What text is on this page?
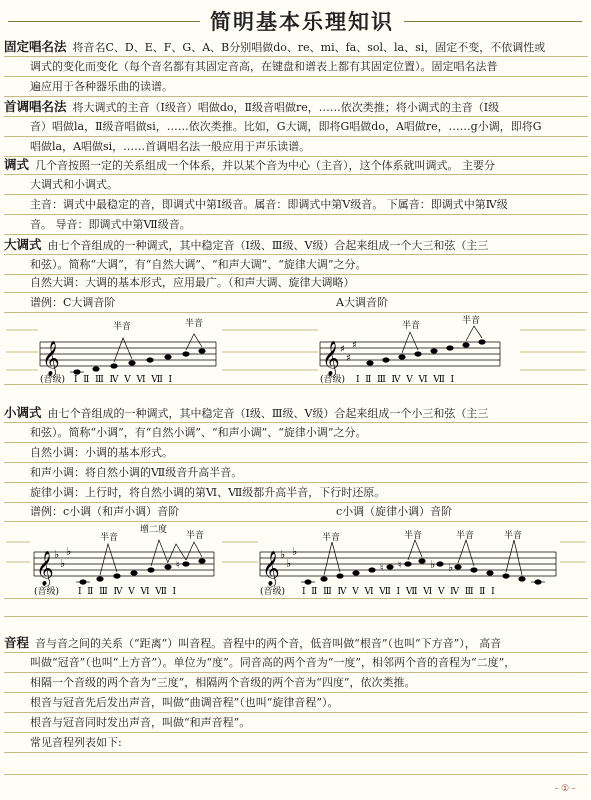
简明基本乐理知识
固定唱名法 将音名C、D、E、F、G、A、B分别唱做do、re、mi、fa、sol、la、si，固定不变，不依调性或
调式的变化而变化（每个音名都有其固定音高，在键盘和谱表上都有其固定位置）。固定唱名法普
遍应用于各种器乐曲的读谱。
首调唱名法 将大调式的主音（Ⅰ级音）唱做do，Ⅱ级音唱做re，……依次类推；将小调式的主音（Ⅰ级
音）唱做la，Ⅱ级音唱做si，……依次类推。比如，G大调，即将G唱做do，A唱做re，……g小调，即将G
唱做la，A唱做si，……首调唱名法一般应用于声乐读谱。
调式 几个音按照一定的关系组成一个体系，并以某个音为中心（主音），这个体系就叫调式。 主要分
大调式和小调式。
主音：调式中最稳定的音，即调式中第Ⅰ级音。属音：即调式中第Ⅴ级音。 下属音：即调式中第Ⅳ级
音。 导音：即调式中第Ⅶ级音。
大调式 由七个音组成的一种调式，其中稳定音（Ⅰ级、Ⅲ级、Ⅴ级）合起来组成一个大三和弦（主三
和弦）。简称“大调”，有“自然大调”、“和声大调”、“旋律大调”之分。
自然大调：大调的基本形式，应用最广。（和声大调、旋律大调略）
谱例：C大调音阶	A大调音阶
𝄞
半音	半音
𝄞 ♯
♯
♯
半音	半音
(音级) Ⅰ  Ⅱ  Ⅲ  Ⅳ  Ⅴ  Ⅵ  Ⅶ  Ⅰ	(音级) Ⅰ  Ⅱ  Ⅲ  Ⅳ  Ⅴ  Ⅵ  Ⅶ  Ⅰ
小调式 由七个音组成的一种调式，其中稳定音（Ⅰ级、Ⅲ级、Ⅴ级）合起来组成一个小三和弦（主三
和弦）。简称“小调”，有“自然小调”、“和声小调”、“旋律小调”之分。
自然小调：小调的基本形式。
和声小调：将自然小调的Ⅶ级音升高半音。
旋律小调：上行时，将自然小调的第Ⅵ、Ⅶ级都升高半音，下行时还原。
谱例：c小调（和声小调）音阶	c小调（旋律小调）音阶
𝄞 ♭
♭
♭
♮
半音
增二度
半音
𝄞 ♭
♭
♭
♮ ♮	♭ ♭
半音	半音	半音	半音
(音级) Ⅰ  Ⅱ  Ⅲ  Ⅳ  Ⅴ  Ⅵ  Ⅶ  Ⅰ	(音级) Ⅰ  Ⅱ  Ⅲ  Ⅳ  Ⅴ  Ⅵ  Ⅶ  Ⅰ  Ⅶ  Ⅵ  Ⅴ  Ⅳ  Ⅲ  Ⅱ  Ⅰ
音程 音与音之间的关系（“距离”）叫音程。音程中的两个音，低音叫做“根音”（也叫“下方音”）， 高音
叫做“冠音”（也叫“上方音”）。单位为“度”。同音高的两个音为“一度”，相邻两个音的音程为“二度”，
相隔一个音级的两个音为“三度”，相隔两个音级的两个音为“四度”，依次类推。
根音与冠音先后发出声音，叫做“曲调音程”（也叫“旋律音程”）。
根音与冠音同时发出声音，叫做“和声音程”。
常见音程列表如下:
- ① -
